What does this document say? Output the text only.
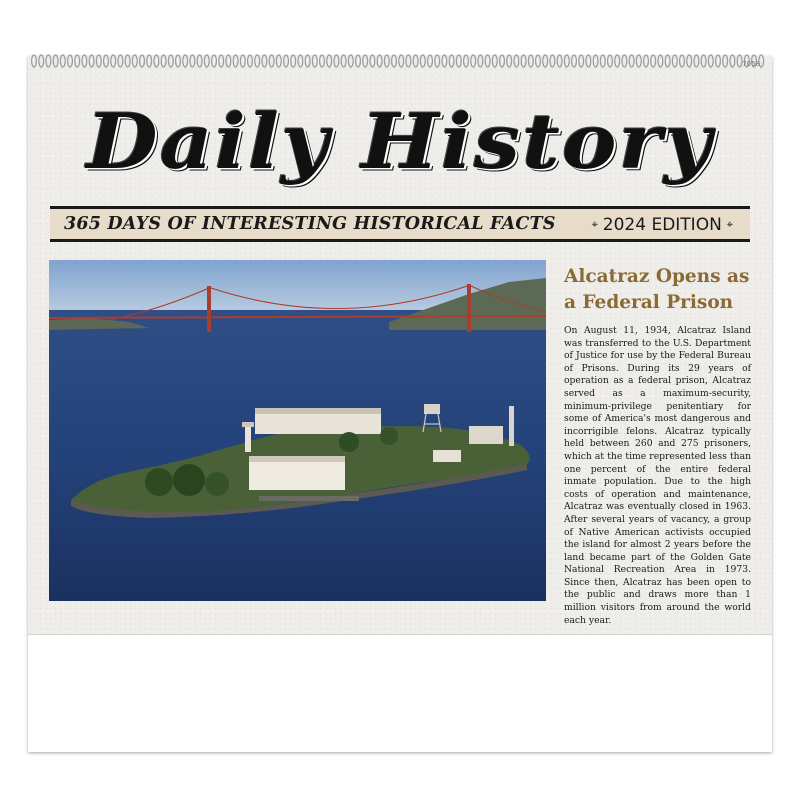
7058
Daily History
365 DAYS OF INTERESTING HISTORICAL FACTS	⌖ 2024 EDITION ⌖
Alcatraz Opens as a Federal Prison

On August 11, 1934, Alcatraz Island was transferred to the U.S. Department of Justice for use by the Federal Bureau of Prisons. During its 29 years of operation as a federal prison, Alcatraz served as a maximum-security, minimum-privilege penitentiary for some of America's most dangerous and incorrigible felons. Alcatraz typically held between 260 and 275 prisoners, which at the time represented less than one percent of the entire federal inmate population. Due to the high costs of operation and maintenance, Alcatraz was eventually closed in 1963. After several years of vacancy, a group of Native American activists occupied the island for almost 2 years before the land became part of the Golden Gate National Recreation Area in 1973. Since then, Alcatraz has been open to the public and draws more than 1 million visitors from around the world each year.
